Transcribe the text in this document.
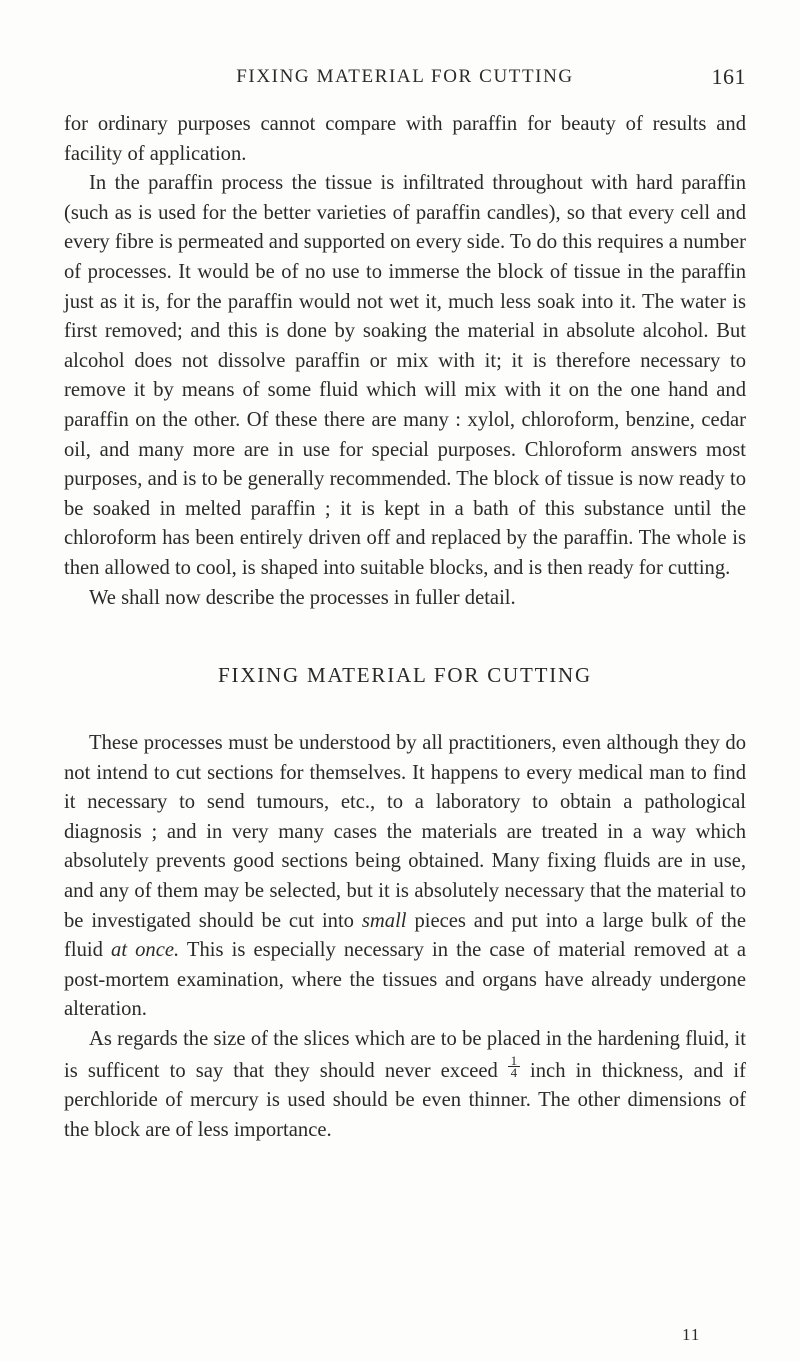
FIXING MATERIAL FOR CUTTING	161

for ordinary purposes cannot compare with paraffin for beauty of results and facility of application.

In the paraffin process the tissue is infiltrated throughout with hard paraffin (such as is used for the better varieties of paraffin candles), so that every cell and every fibre is permeated and supported on every side. To do this requires a number of processes. It would be of no use to immerse the block of tissue in the paraffin just as it is, for the paraffin would not wet it, much less soak into it. The water is first removed; and this is done by soaking the material in absolute alcohol. But alcohol does not dissolve paraffin or mix with it; it is therefore necessary to remove it by means of some fluid which will mix with it on the one hand and paraffin on the other. Of these there are many : xylol, chloroform, benzine, cedar oil, and many more are in use for special purposes. Chloroform answers most purposes, and is to be generally recommended. The block of tissue is now ready to be soaked in melted paraffin ; it is kept in a bath of this substance until the chloroform has been entirely driven off and replaced by the paraffin. The whole is then allowed to cool, is shaped into suitable blocks, and is then ready for cutting.

We shall now describe the processes in fuller detail.

FIXING MATERIAL FOR CUTTING

These processes must be understood by all practitioners, even although they do not intend to cut sections for themselves. It happens to every medical man to find it necessary to send tumours, etc., to a laboratory to obtain a pathological diagnosis ; and in very many cases the materials are treated in a way which absolutely prevents good sections being obtained. Many fixing fluids are in use, and any of them may be selected, but it is absolutely necessary that the material to be investigated should be cut into small pieces and put into a large bulk of the fluid at once. This is especially necessary in the case of material removed at a post-mortem examination, where the tissues and organs have already undergone alteration.

As regards the size of the slices which are to be placed in the hardening fluid, it is sufficent to say that they should never exceed $\frac{1}{4}$ inch in thickness, and if perchloride of mercury is used should be even thinner. The other dimensions of the block are of less importance.

11
